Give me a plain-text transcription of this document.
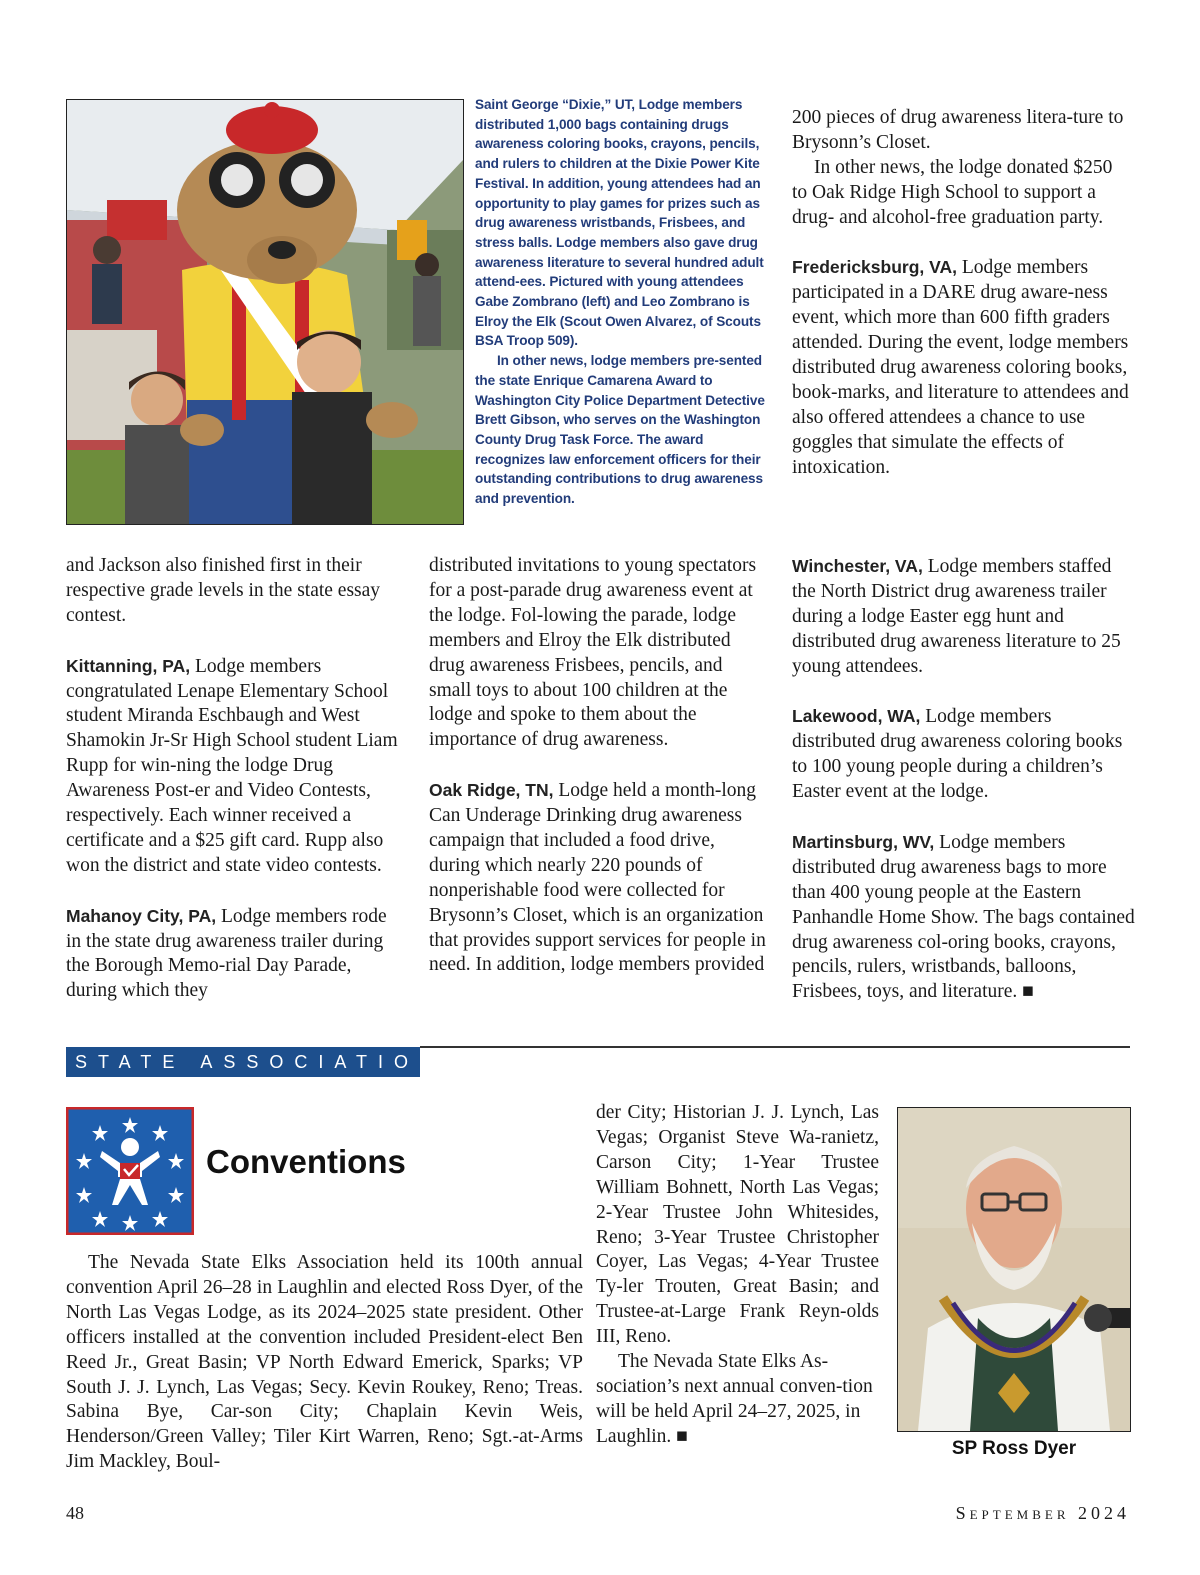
Saint George “Dixie,” UT, Lodge members distributed 1,000 bags containing drugs awareness coloring books, crayons, pencils, and rulers to children at the Dixie Power Kite Festival. In addition, young attendees had an opportunity to play games for prizes such as drug awareness wristbands, Frisbees, and stress balls. Lodge members also gave drug awareness literature to several hundred adult attend-ees. Pictured with young attendees Gabe Zombrano (left) and Leo Zombrano is Elroy the Elk (Scout Owen Alvarez, of Scouts BSA Troop 509).

In other news, lodge members pre-sented the state Enrique Camarena Award to Washington City Police Department Detective Brett Gibson, who serves on the Washington County Drug Task Force. The award recognizes law enforcement officers for their outstanding contributions to drug awareness and prevention.

200 pieces of drug awareness litera-ture to Brysonn’s Closet.

In other news, the lodge donated $250 to Oak Ridge High School to support a drug- and alcohol-free graduation party.

Fredericksburg, VA, Lodge members participated in a DARE drug aware-ness event, which more than 600 fifth graders attended. During the event, lodge members distributed drug awareness coloring books, book-marks, and literature to attendees and also offered attendees a chance to use goggles that simulate the effects of intoxication.

and Jackson also finished first in their respective grade levels in the state essay contest.

Kittanning, PA, Lodge members congratulated Lenape Elementary School student Miranda Eschbaugh and West Shamokin Jr-Sr High School student Liam Rupp for win-ning the lodge Drug Awareness Post-er and Video Contests, respectively. Each winner received a certificate and a $25 gift card. Rupp also won the district and state video contests.

Mahanoy City, PA, Lodge members rode in the state drug awareness trailer during the Borough Memo-rial Day Parade, during which they

distributed invitations to young spectators for a post-parade drug awareness event at the lodge. Fol-lowing the parade, lodge members and Elroy the Elk distributed drug awareness Frisbees, pencils, and small toys to about 100 children at the lodge and spoke to them about the importance of drug awareness.

Oak Ridge, TN, Lodge held a month-long Can Underage Drinking drug awareness campaign that included a food drive, during which nearly 220 pounds of nonperishable food were collected for Brysonn’s Closet, which is an organization that provides support services for people in need. In addition, lodge members provided

Winchester, VA, Lodge members staffed the North District drug awareness trailer during a lodge Easter egg hunt and distributed drug awareness literature to 25 young attendees.

Lakewood, WA, Lodge members distributed drug awareness coloring books to 100 young people during a children’s Easter event at the lodge.

Martinsburg, WV, Lodge members distributed drug awareness bags to more than 400 young people at the Eastern Panhandle Home Show. The bags contained drug awareness col-oring books, crayons, pencils, rulers, wristbands, balloons, Frisbees, toys, and literature. ■

STATE ASSOCIATION NEWS
Conventions
The Nevada State Elks Association held its 100th annual convention April 26–28 in Laughlin and elected Ross Dyer, of the North Las Vegas Lodge, as its 2024–2025 state president. Other officers installed at the convention included President-elect Ben Reed Jr., Great Basin; VP North Edward Emerick, Sparks; VP South J. J. Lynch, Las Vegas; Secy. Kevin Roukey, Reno; Treas. Sabina Bye, Car-son City; Chaplain Kevin Weis, Henderson/Green Valley; Tiler Kirt Warren, Reno; Sgt.-at-Arms Jim Mackley, Boul-

der City; Historian J. J. Lynch, Las Vegas; Organist Steve Wa-ranietz, Carson City; 1-Year Trustee William Bohnett, North Las Vegas; 2-Year Trustee John Whitesides, Reno; 3-Year Trustee Christopher Coyer, Las Vegas; 4-Year Trustee Ty-ler Trouten, Great Basin; and Trustee-at-Large Frank Reyn-olds III, Reno.

The Nevada State Elks As-sociation’s next annual conven-tion will be held April 24–27, 2025, in Laughlin. ■

SP Ross Dyer
48	September 2024
